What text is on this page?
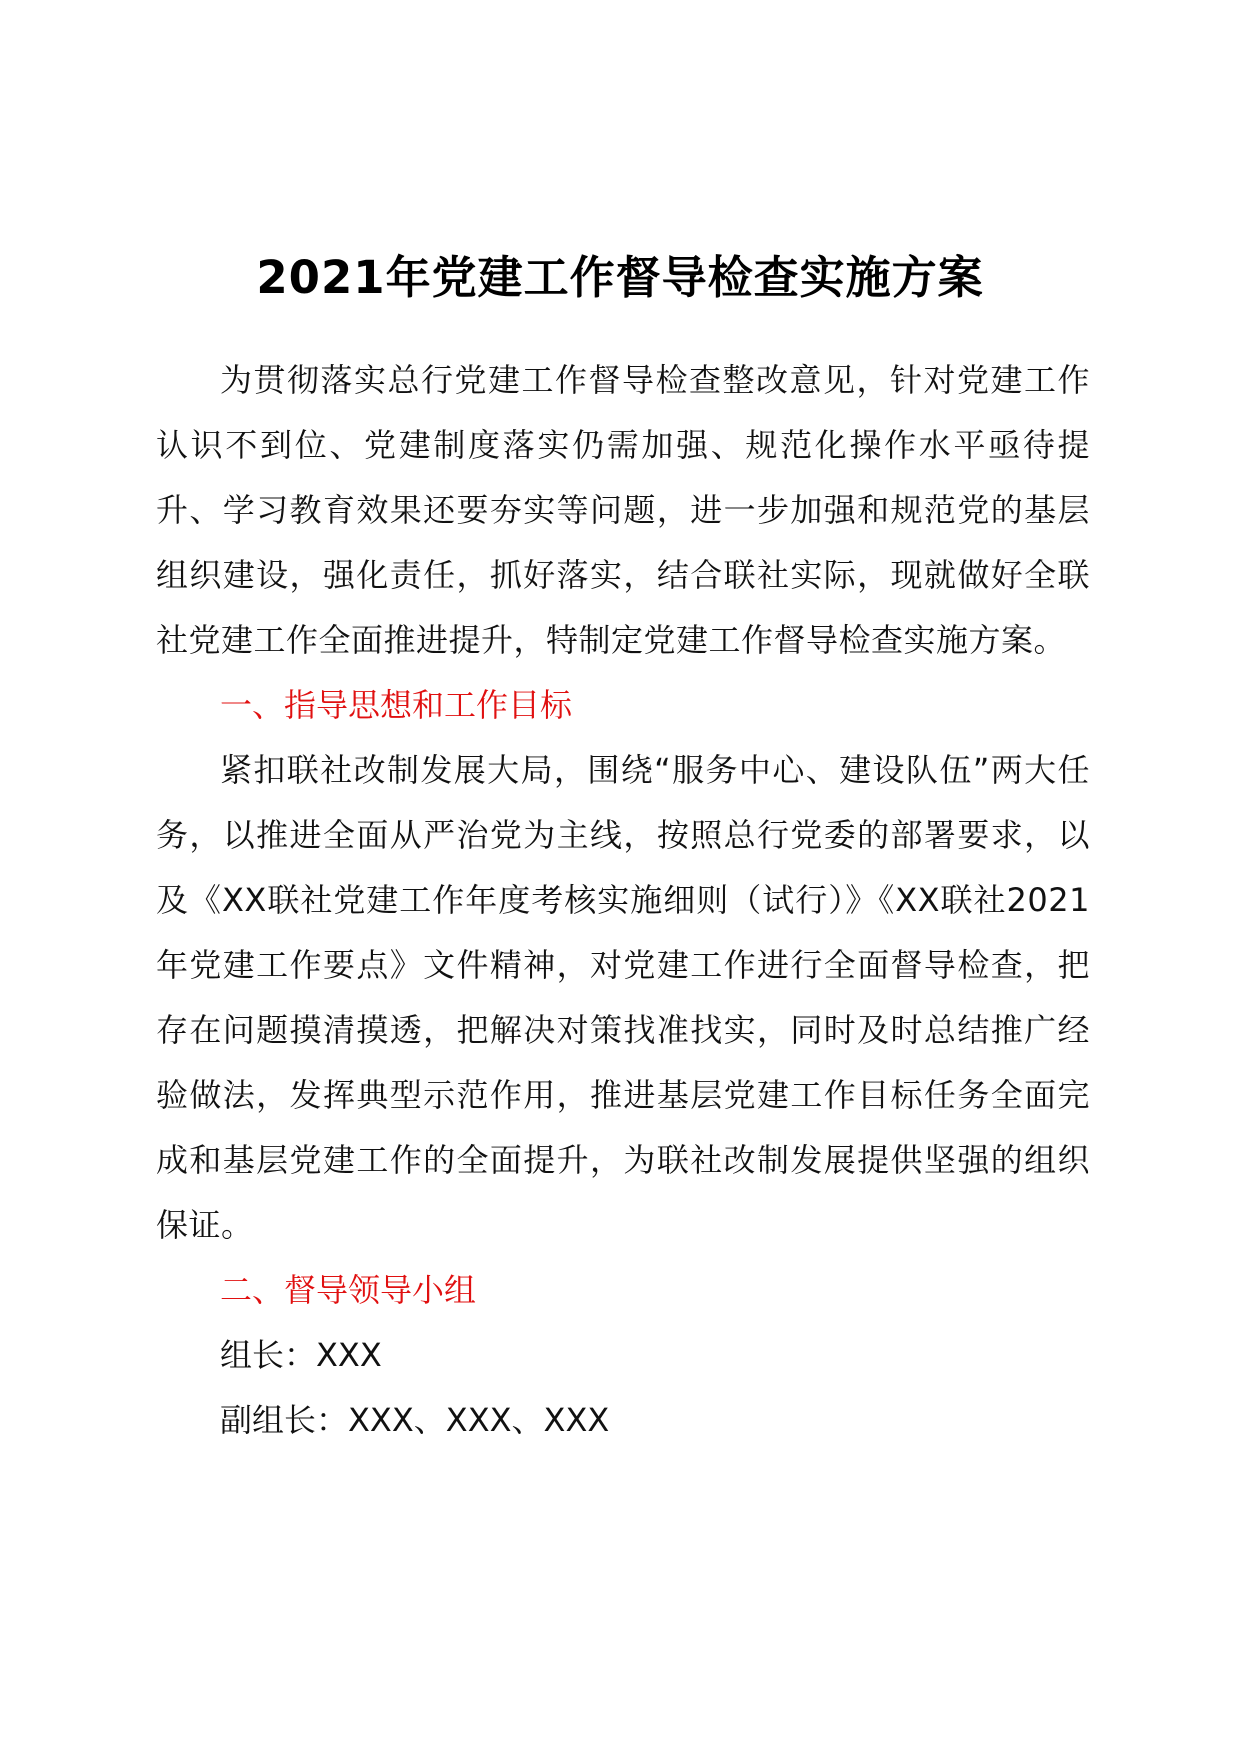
2021年党建工作督导检查实施方案

为贯彻落实总行党建工作督导检查整改意见，针对党建工作认识不到位、党建制度落实仍需加强、规范化操作水平亟待提升、学习教育效果还要夯实等问题，进一步加强和规范党的基层组织建设，强化责任，抓好落实，结合联社实际，现就做好全联社党建工作全面推进提升，特制定党建工作督导检查实施方案。

一、指导思想和工作目标

紧扣联社改制发展大局，围绕“服务中心、建设队伍”两大任务，以推进全面从严治党为主线，按照总行党委的部署要求，以及《XX联社党建工作年度考核实施细则（试行）》《XX联社2021年党建工作要点》文件精神，对党建工作进行全面督导检查，把存在问题摸清摸透，把解决对策找准找实，同时及时总结推广经验做法，发挥典型示范作用，推进基层党建工作目标任务全面完成和基层党建工作的全面提升，为联社改制发展提供坚强的组织保证。

二、督导领导小组

组长：XXX

副组长：XXX、XXX、XXX
